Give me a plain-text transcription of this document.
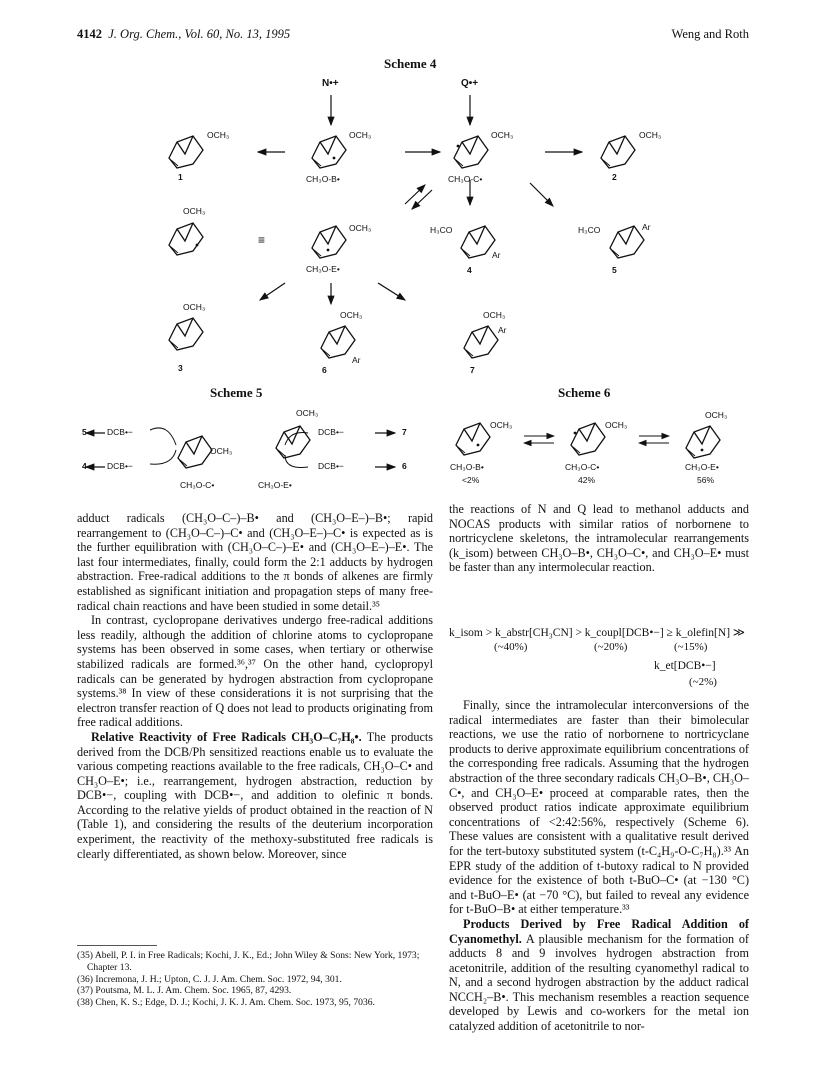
4142 J. Org. Chem., Vol. 60, No. 13, 1995	Weng and Roth
Scheme 4
N•+	Q•+
OCH₃
1
OCH₃
CH₃O-B•
OCH₃
CH₃O-C•
OCH₃
2
OCH₃
≡
OCH₃
CH₃O-E•
H₃CO
Ar
4
H₃CO	Ar
5
OCH₃
3
OCH₃
Ar
6
OCH₃
Ar
7
Scheme 5
5 DCB•−
4 DCB•−
OCH₃
CH₃O-C•
OCH₃
DCB•−	7
DCB•−	6
CH₃O-E•
Scheme 6
OCH₃
CH₃O-B•
<2%
OCH₃
CH₃O-C•
42%
OCH₃
CH₃O-E•
56%

adduct radicals (CH₃O–C–)–B• and (CH₃O–E–)–B•; rapid rearrangement to (CH₃O–C–)–C• and (CH₃O–E–)–C• is expected as is the further equilibration with (CH₃O–C–)–E• and (CH₃O–E–)–E•. The last four intermediates, finally, could form the 2:1 adducts by hydrogen abstraction. Free-radical additions to the π bonds of alkenes are firmly established as significant initiation and propagation steps of many free-radical chain reactions and have been studied in some detail.³⁵

In contrast, cyclopropane derivatives undergo free-radical additions less readily, although the addition of chlorine atoms to cyclopropane systems has been observed in some cases, when tertiary or otherwise stabilized radicals are formed.³⁶,³⁷ On the other hand, cyclopropyl radicals can be generated by hydrogen abstraction from cyclopropane systems.³⁸ In view of these considerations it is not surprising that the electron transfer reaction of Q does not lead to products originating from free radical additions.

Relative Reactivity of Free Radicals CH₃O–C₇H₈•. The products derived from the DCB/Ph sensitized reactions enable us to evaluate the various competing reactions available to the free radicals, CH₃O–C• and CH₃O–E•; i.e., rearrangement, hydrogen abstraction, reduction by DCB•−, coupling with DCB•−, and addition to olefinic π bonds. According to the relative yields of product obtained in the reaction of N (Table 1), and considering the results of the deuterium incorporation experiment, the reactivity of the methoxy-substituted free radicals is clearly differentiated, as shown below. Moreover, since

(35) Abell, P. I. in Free Radicals; Kochi, J. K., Ed.; John Wiley & Sons: New York, 1973; Chapter 13.
(36) Incremona, J. H.; Upton, C. J. J. Am. Chem. Soc. 1972, 94, 301.
(37) Poutsma, M. L. J. Am. Chem. Soc. 1965, 87, 4293.
(38) Chen, K. S.; Edge, D. J.; Kochi, J. K. J. Am. Chem. Soc. 1973, 95, 7036.

the reactions of N and Q lead to methanol adducts and NOCAS products with similar ratios of norbornene to nortricyclene skeletons, the intramolecular rearrangements (k_isom) between CH₃O–B•, CH₃O–C•, and CH₃O–E• must be faster than any intermolecular reaction.

k_isom > k_abstr[CH₃CN] > k_coupl[DCB•−] ≥ k_olefin[N] ≫
(~40%)	(~20%)	(~15%)
k_et[DCB•−]
(~2%)

Finally, since the intramolecular interconversions of the radical intermediates are faster than their bimolecular reactions, we use the ratio of norbornene to nortricyclane products to derive approximate equilibrium concentrations of the corresponding free radicals. Assuming that the hydrogen abstraction of the three secondary radicals CH₃O–B•, CH₃O–C•, and CH₃O–E• proceed at comparable rates, then the observed product ratios indicate approximate equilibrium concentrations of <2:42:56%, respectively (Scheme 6). These values are consistent with a qualitative result derived for the tert-butoxy substituted system (t-C₄H₉-O-C₇H₈).³³ An EPR study of the addition of t-butoxy radical to N provided evidence for the existence of both t-BuO–C• (at −130 °C) and t-BuO–E• (at −70 °C), but failed to reveal any evidence for t-BuO–B• at either temperature.³³

Products Derived by Free Radical Addition of Cyanomethyl. A plausible mechanism for the formation of adducts 8 and 9 involves hydrogen abstraction from acetonitrile, addition of the resulting cyanomethyl radical to N, and a second hydrogen abstraction by the adduct radical NCCH₂–B•. This mechanism resembles a reaction sequence developed by Lewis and co-workers for the metal ion catalyzed addition of acetonitrile to nor-
